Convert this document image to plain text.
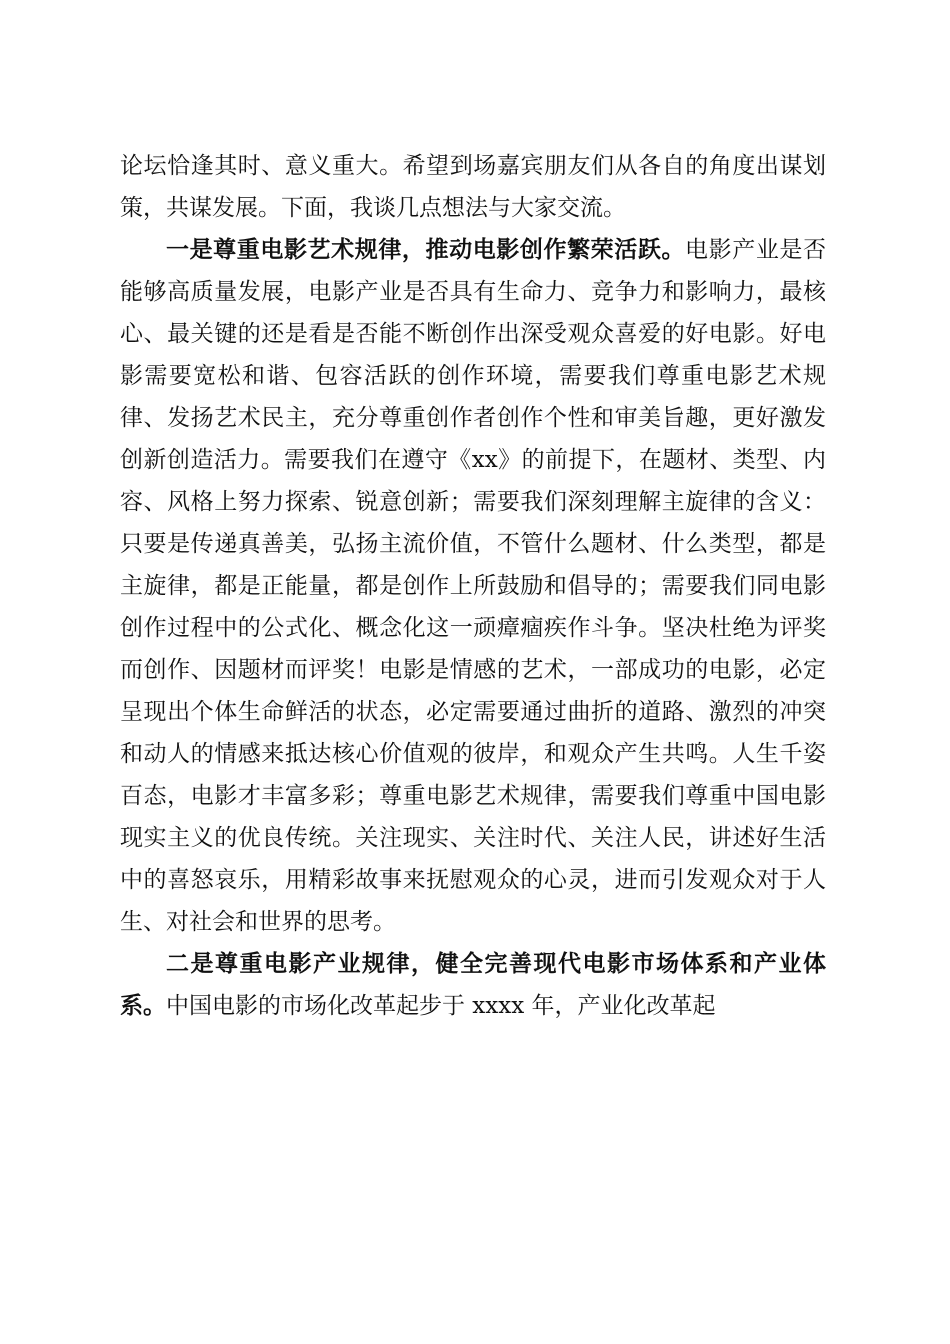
论坛恰逢其时、意义重大。希望到场嘉宾朋友们从各自的角度出谋划策，共谋发展。下面，我谈几点想法与大家交流。

一是尊重电影艺术规律，推动电影创作繁荣活跃。电影产业是否能够高质量发展，电影产业是否具有生命力、竞争力和影响力，最核心、最关键的还是看是否能不断创作出深受观众喜爱的好电影。好电影需要宽松和谐、包容活跃的创作环境，需要我们尊重电影艺术规律、发扬艺术民主，充分尊重创作者创作个性和审美旨趣，更好激发创新创造活力。需要我们在遵守《xx》的前提下，在题材、类型、内容、风格上努力探索、锐意创新；需要我们深刻理解主旋律的含义：只要是传递真善美，弘扬主流价值，不管什么题材、什么类型，都是主旋律，都是正能量，都是创作上所鼓励和倡导的；需要我们同电影创作过程中的公式化、概念化这一顽瘴痼疾作斗争。坚决杜绝为评奖而创作、因题材而评奖！电影是情感的艺术，一部成功的电影，必定呈现出个体生命鲜活的状态，必定需要通过曲折的道路、激烈的冲突和动人的情感来抵达核心价值观的彼岸，和观众产生共鸣。人生千姿百态，电影才丰富多彩；尊重电影艺术规律，需要我们尊重中国电影现实主义的优良传统。关注现实、关注时代、关注人民，讲述好生活中的喜怒哀乐，用精彩故事来抚慰观众的心灵，进而引发观众对于人生、对社会和世界的思考。

二是尊重电影产业规律，健全完善现代电影市场体系和产业体系。中国电影的市场化改革起步于 xxxx 年，产业化改革起
